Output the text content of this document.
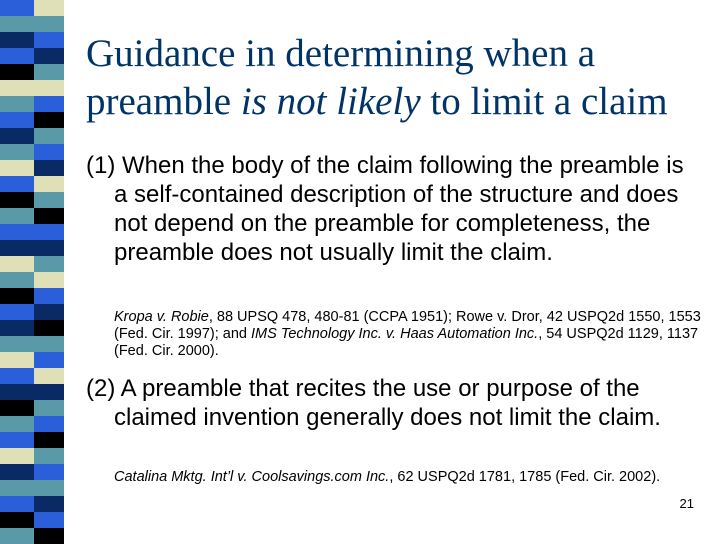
Guidance in determining when a preamble is not likely to limit a claim
(1) When the body of the claim following the preamble is a self-contained description of the structure and does not depend on the preamble for completeness, the preamble does not usually limit the claim.
Kropa v. Robie, 88 UPSQ 478, 480-81 (CCPA 1951); Rowe v. Dror, 42 USPQ2d 1550, 1553 (Fed. Cir. 1997); and IMS Technology Inc. v. Haas Automation Inc., 54 USPQ2d 1129, 1137 (Fed. Cir. 2000).
(2) A preamble that recites the use or purpose of the claimed invention generally does not limit the claim.
Catalina Mktg. Int’l v. Coolsavings.com Inc., 62 USPQ2d 1781, 1785 (Fed. Cir. 2002).
21
